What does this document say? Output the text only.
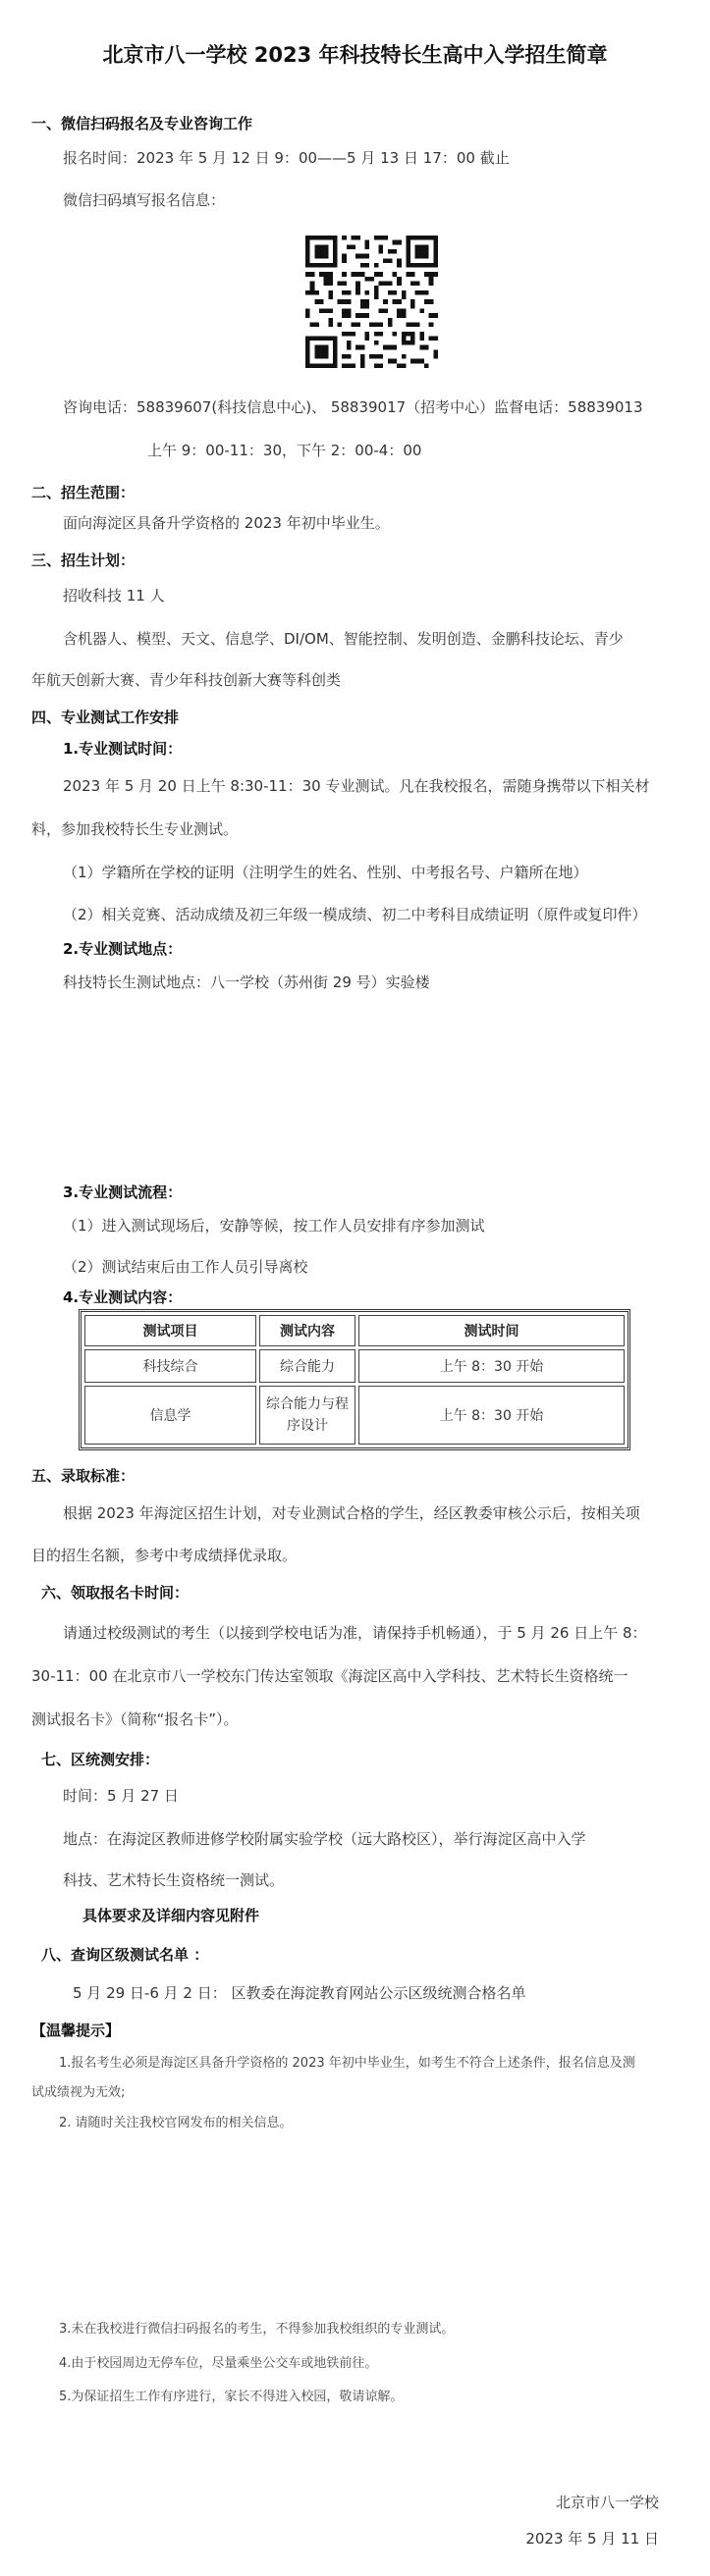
北京市八一学校 2023 年科技特长生高中入学招生简章
一、微信扫码报名及专业咨询工作
报名时间：2023 年 5 月 12 日 9：00——5 月 13 日 17：00 截止
微信扫码填写报名信息：
咨询电话：58839607(科技信息中心)、 58839017（招考中心）监督电话：58839013
上午 9：00-11：30，下午 2：00-4：00
二、招生范围：
面向海淀区具备升学资格的 2023 年初中毕业生。
三、招生计划：
招收科技 11 人
含机器人、模型、天文、信息学、DI/OM、智能控制、发明创造、金鹏科技论坛、青少
年航天创新大赛、青少年科技创新大赛等科创类
四、专业测试工作安排
1.专业测试时间：
2023 年 5 月 20 日上午 8:30-11：30 专业测试。凡在我校报名，需随身携带以下相关材
料，参加我校特长生专业测试。
（1）学籍所在学校的证明（注明学生的姓名、性别、中考报名号、户籍所在地）
（2）相关竞赛、活动成绩及初三年级一模成绩、初二中考科目成绩证明（原件或复印件）
2.专业测试地点：
科技特长生测试地点：八一学校（苏州街 29 号）实验楼
3.专业测试流程：
（1）进入测试现场后，安静等候，按工作人员安排有序参加测试
（2）测试结束后由工作人员引导离校
4.专业测试内容：
测试项目	测试内容	测试时间
科技综合	综合能力	上午 8：30 开始
信息学	综合能力与程序设计	上午 8：30 开始
五、录取标准：
根据 2023 年海淀区招生计划，对专业测试合格的学生，经区教委审核公示后，按相关项
目的招生名额，参考中考成绩择优录取。
六、领取报名卡时间：
请通过校级测试的考生（以接到学校电话为准，请保持手机畅通），于 5 月 26 日上午 8：
30-11：00 在北京市八一学校东门传达室领取《海淀区高中入学科技、艺术特长生资格统一
测试报名卡》（简称“报名卡”）。
七、区统测安排：
时间：5 月 27 日
地点：在海淀区教师进修学校附属实验学校（远大路校区），举行海淀区高中入学
科技、艺术特长生资格统一测试。
具体要求及详细内容见附件
八、查询区级测试名单 ：
5 月 29 日-6 月 2 日： 区教委在海淀教育网站公示区级统测合格名单
【温馨提示】
1.报名考生必须是海淀区具备升学资格的 2023 年初中毕业生，如考生不符合上述条件，报名信息及测
试成绩视为无效;
2. 请随时关注我校官网发布的相关信息。
3.未在我校进行微信扫码报名的考生，不得参加我校组织的专业测试。
4.由于校园周边无停车位，尽量乘坐公交车或地铁前往。
5.为保证招生工作有序进行，家长不得进入校园，敬请谅解。
北京市八一学校
2023 年 5 月 11 日
